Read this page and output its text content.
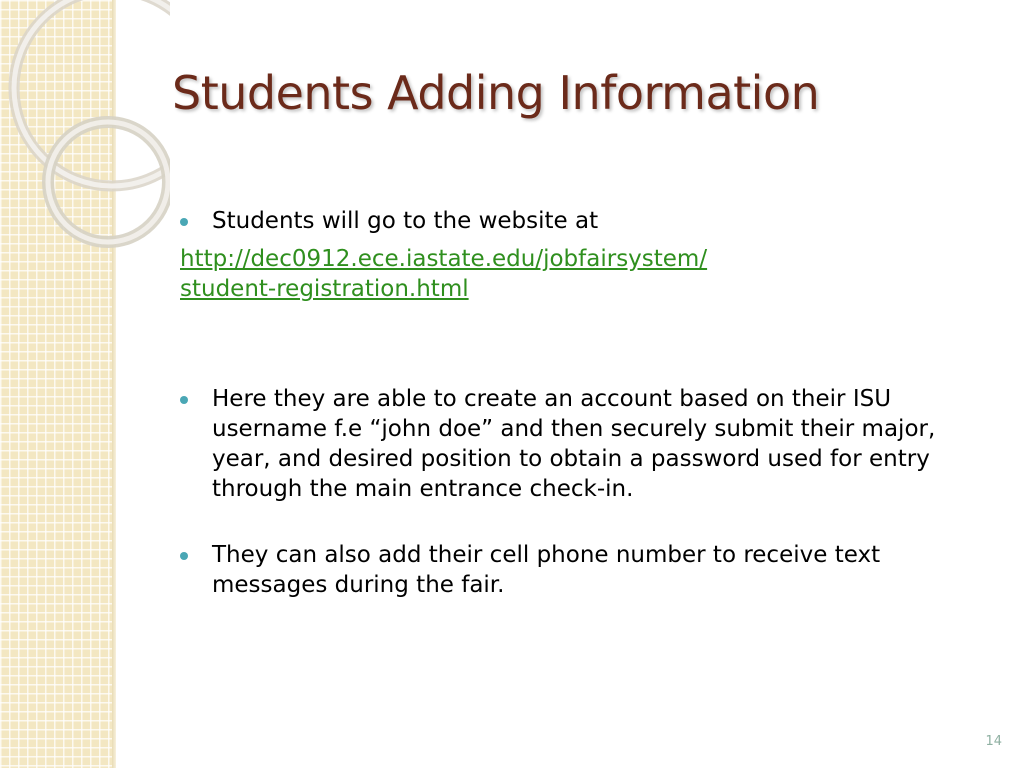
Students Adding Information
Students will go to the website at
http://dec0912.ece.iastate.edu/jobfairsystem/
student-registration.html
Here they are able to create an account based on their ISU username f.e “john doe” and then securely submit their major, year, and desired position to obtain a password used for entry through the main entrance check-in.
They can also add their cell phone number to receive text messages during the fair.
14
